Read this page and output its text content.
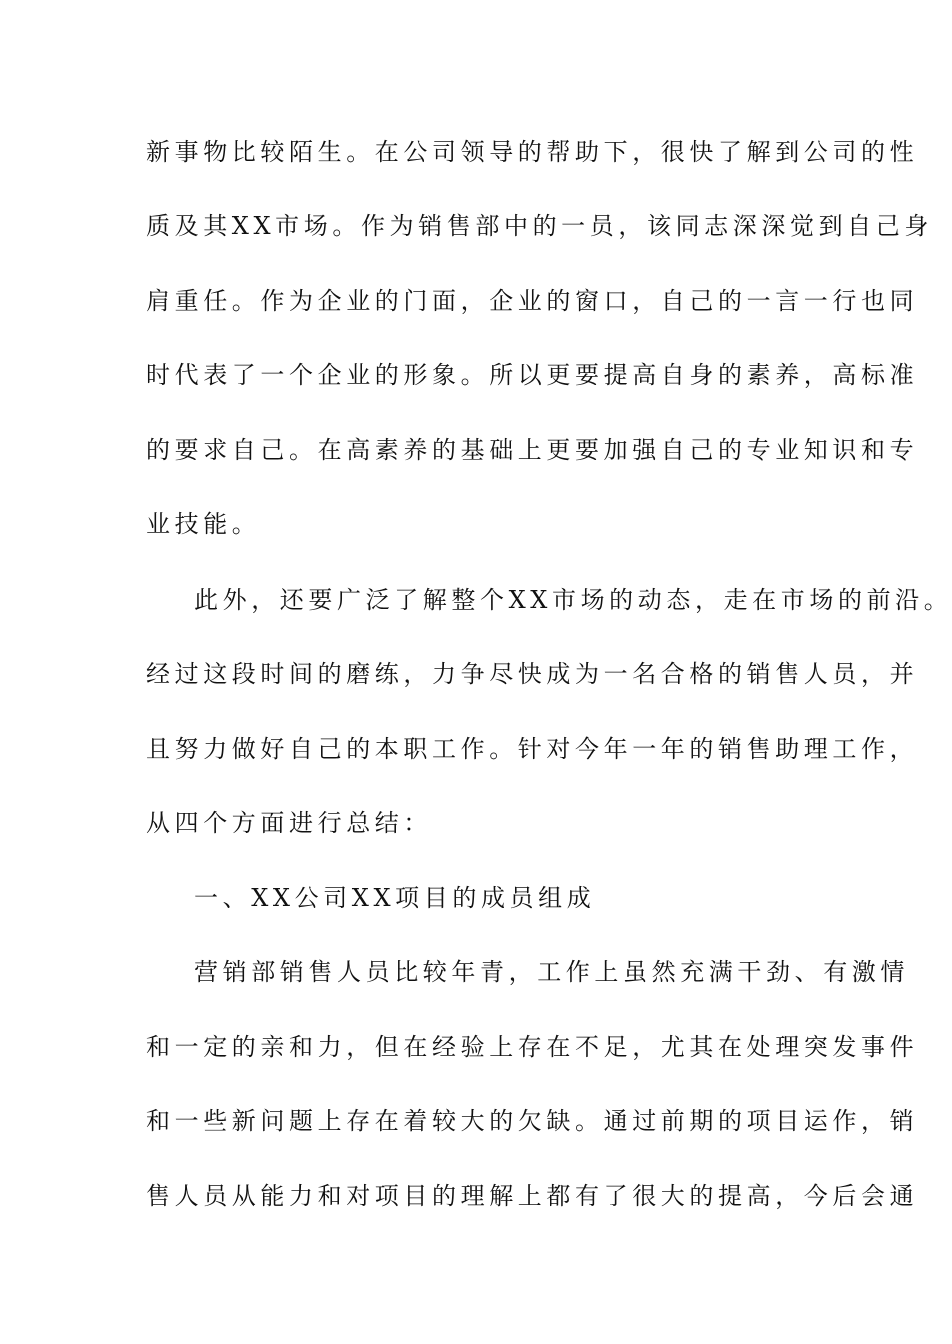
新事物比较陌生。在公司领导的帮助下，很快了解到公司的性
质及其XX市场。作为销售部中的一员，该同志深深觉到自己身
肩重任。作为企业的门面，企业的窗口，自己的一言一行也同
时代表了一个企业的形象。所以更要提高自身的素养，高标准
的要求自己。在高素养的基础上更要加强自己的专业知识和专
业技能。
此外，还要广泛了解整个XX市场的动态，走在市场的前沿。
经过这段时间的磨练，力争尽快成为一名合格的销售人员，并
且努力做好自己的本职工作。针对今年一年的销售助理工作，
从四个方面进行总结：
一、XX公司XX项目的成员组成
营销部销售人员比较年青，工作上虽然充满干劲、有激情
和一定的亲和力，但在经验上存在不足，尤其在处理突发事件
和一些新问题上存在着较大的欠缺。通过前期的项目运作，销
售人员从能力和对项目的理解上都有了很大的提高，今后会通
